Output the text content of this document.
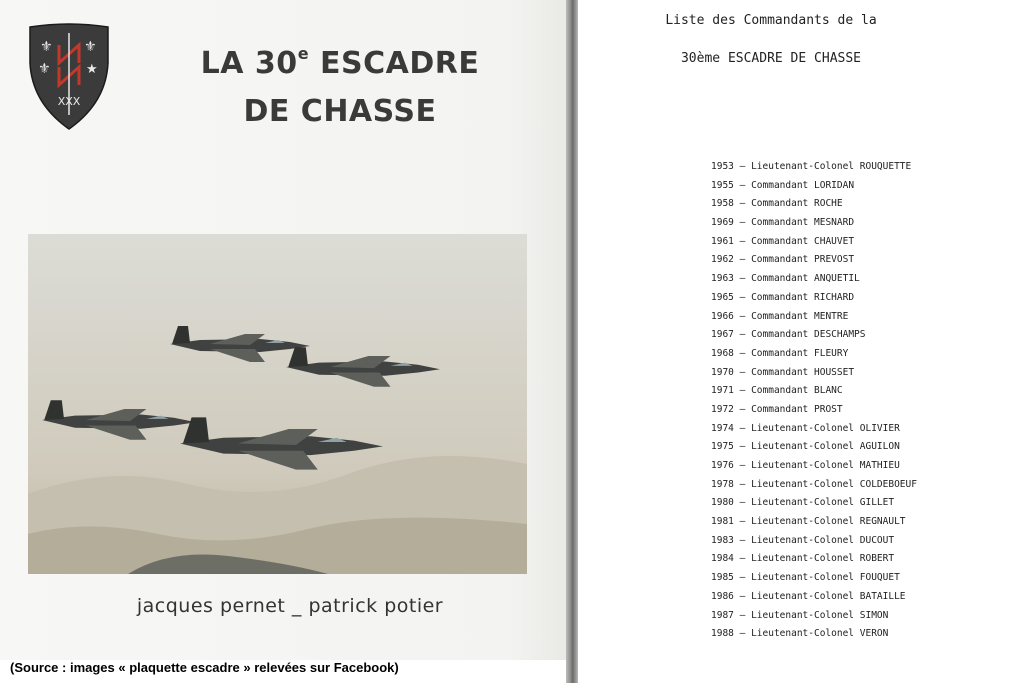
⚜
⚜
⚜
★
XXX
LA 30e ESCADRE
DE CHASSE
jacques pernet _ patrick potier
(Source : images « plaquette escadre » relevées sur Facebook)
Liste des Commandants de la
30ème ESCADRE DE CHASSE
1953 – Lieutenant-Colonel ROUQUETTE
1955 – Commandant LORIDAN
1958 – Commandant ROCHE
1969 – Commandant MESNARD
1961 – Commandant CHAUVET
1962 – Commandant PREVOST
1963 – Commandant ANQUETIL
1965 – Commandant RICHARD
1966 – Commandant MENTRE
1967 – Commandant DESCHAMPS
1968 – Commandant FLEURY
1970 – Commandant HOUSSET
1971 – Commandant BLANC
1972 – Commandant PROST
1974 – Lieutenant-Colonel OLIVIER
1975 – Lieutenant-Colonel AGUILON
1976 – Lieutenant-Colonel MATHIEU
1978 – Lieutenant-Colonel COLDEBOEUF
1980 – Lieutenant-Colonel GILLET
1981 – Lieutenant-Colonel REGNAULT
1983 – Lieutenant-Colonel DUCOUT
1984 – Lieutenant-Colonel ROBERT
1985 – Lieutenant-Colonel FOUQUET
1986 – Lieutenant-Colonel BATAILLE
1987 – Lieutenant-Colonel SIMON
1988 – Lieutenant-Colonel VERON
